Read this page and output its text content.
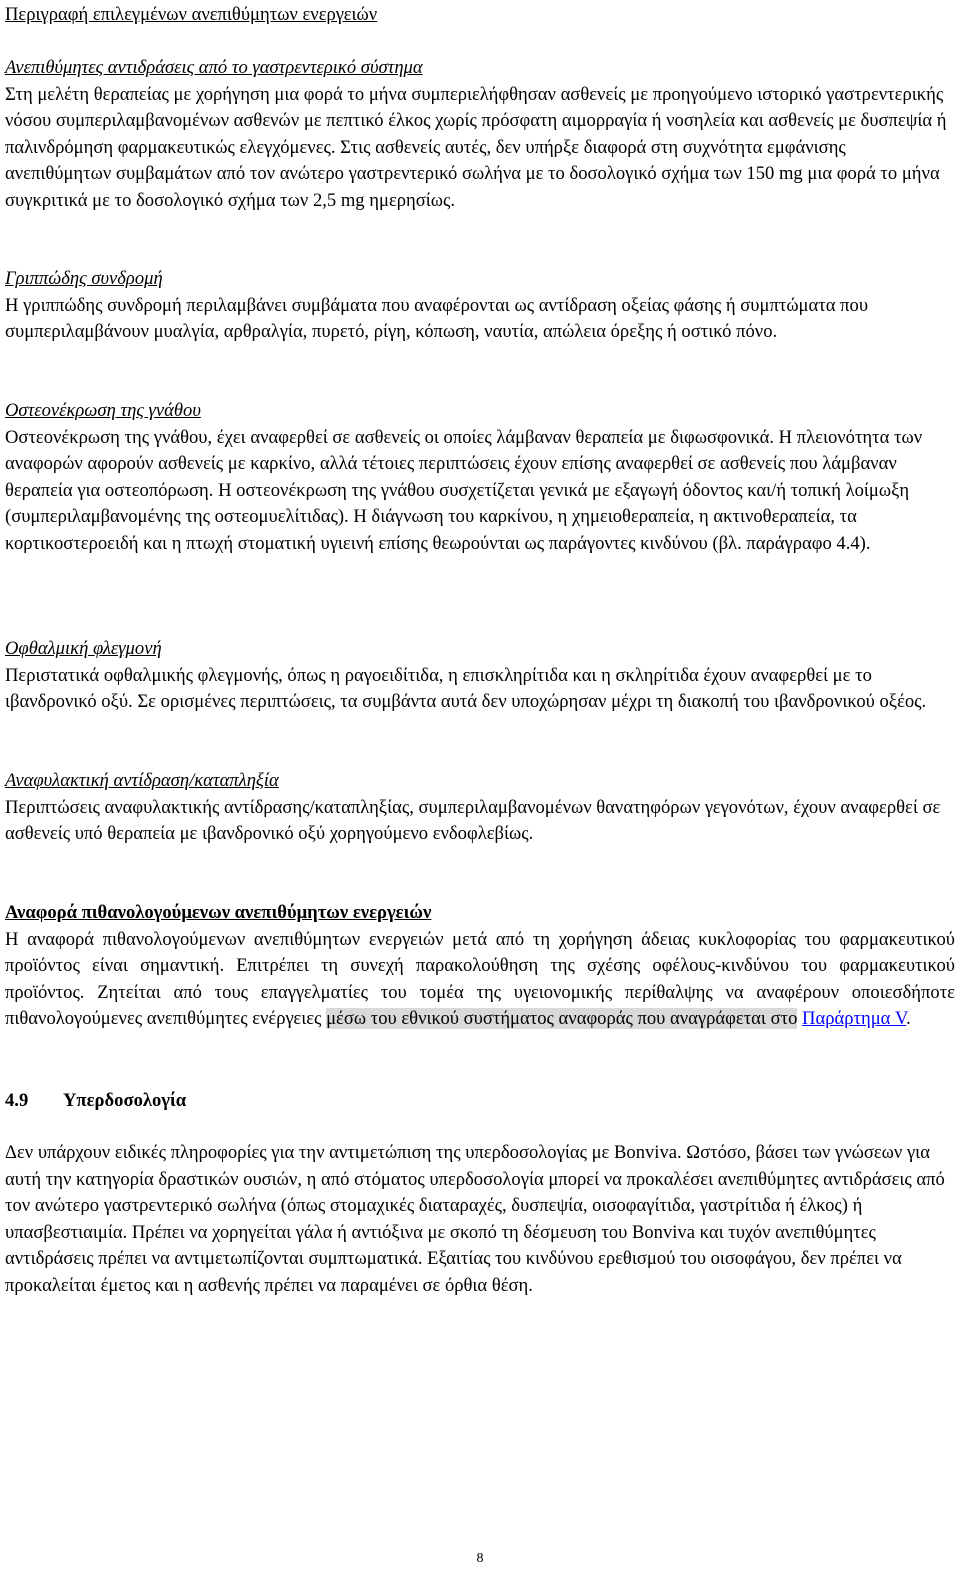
Περιγραφή επιλεγμένων ανεπιθύμητων ενεργειών

Ανεπιθύμητες αντιδράσεις από το γαστρεντερικό σύστημα
Στη μελέτη θεραπείας με χορήγηση μια φορά το μήνα συμπεριελήφθησαν ασθενείς με προηγούμενο ιστορικό γαστρεντερικής νόσου συμπεριλαμβανομένων ασθενών με πεπτικό έλκος χωρίς πρόσφατη αιμορραγία ή νοσηλεία και ασθενείς με δυσπεψία ή παλινδρόμηση φαρμακευτικώς ελεγχόμενες. Στις ασθενείς αυτές, δεν υπήρξε διαφορά στη συχνότητα εμφάνισης ανεπιθύμητων συμβαμάτων από τον ανώτερο γαστρεντερικό σωλήνα με το δοσολογικό σχήμα των 150 mg μια φορά το μήνα συγκριτικά με το δοσολογικό σχήμα των 2,5 mg ημερησίως.
Γριππώδης συνδρομή
Η γριππώδης συνδρομή περιλαμβάνει συμβάματα που αναφέρονται ως αντίδραση οξείας φάσης ή συμπτώματα που συμπεριλαμβάνουν μυαλγία, αρθραλγία, πυρετό, ρίγη, κόπωση, ναυτία, απώλεια όρεξης ή οστικό πόνο.
Οστεονέκρωση της γνάθου
Οστεονέκρωση της γνάθου, έχει αναφερθεί σε ασθενείς οι οποίες λάμβαναν θεραπεία με διφωσφονικά. Η πλειονότητα των αναφορών αφορούν ασθενείς με καρκίνο, αλλά τέτοιες περιπτώσεις έχουν επίσης αναφερθεί σε ασθενείς που λάμβαναν θεραπεία για οστεοπόρωση. Η οστεονέκρωση της γνάθου συσχετίζεται γενικά με εξαγωγή όδοντος και/ή τοπική λοίμωξη (συμπεριλαμβανομένης της οστεομυελίτιδας). Η διάγνωση του καρκίνου, η χημειοθεραπεία, η ακτινοθεραπεία, τα κορτικοστεροειδή και η πτωχή στοματική υγιεινή επίσης θεωρούνται ως παράγοντες κινδύνου (βλ. παράγραφο 4.4).
Οφθαλμική φλεγμονή
Περιστατικά οφθαλμικής φλεγμονής, όπως η ραγοειδίτιδα, η επισκληρίτιδα και η σκληρίτιδα έχουν αναφερθεί με το ιβανδρονικό οξύ. Σε ορισμένες περιπτώσεις, τα συμβάντα αυτά δεν υποχώρησαν μέχρι τη διακοπή του ιβανδρονικού οξέος.
Αναφυλακτική αντίδραση/καταπληξία
Περιπτώσεις αναφυλακτικής αντίδρασης/καταπληξίας, συμπεριλαμβανομένων θανατηφόρων γεγονότων, έχουν αναφερθεί σε ασθενείς υπό θεραπεία με ιβανδρονικό οξύ χορηγούμενο ενδοφλεβίως.
Αναφορά πιθανολογούμενων ανεπιθύμητων ενεργειών
Η αναφορά πιθανολογούμενων ανεπιθύμητων ενεργειών μετά από τη χορήγηση άδειας κυκλοφορίας του φαρμακευτικού προϊόντος είναι σημαντική. Επιτρέπει τη συνεχή παρακολούθηση της σχέσης οφέλους-κινδύνου του φαρμακευτικού προϊόντος. Ζητείται από τους επαγγελματίες του τομέα της υγειονομικής περίθαλψης να αναφέρουν οποιεσδήποτε πιθανολογούμενες ανεπιθύμητες ενέργειες μέσω του εθνικού συστήματος αναφοράς που αναγράφεται στο Παράρτημα V.
4.9 Υπερδοσολογία

Δεν υπάρχουν ειδικές πληροφορίες για την αντιμετώπιση της υπερδοσολογίας με Bonviva. Ωστόσο, βάσει των γνώσεων για αυτή την κατηγορία δραστικών ουσιών, η από στόματος υπερδοσολογία μπορεί να προκαλέσει ανεπιθύμητες αντιδράσεις από τον ανώτερο γαστρεντερικό σωλήνα (όπως στομαχικές διαταραχές, δυσπεψία, οισοφαγίτιδα, γαστρίτιδα ή έλκος) ή υπασβεστιαιμία. Πρέπει να χορηγείται γάλα ή αντιόξινα με σκοπό τη δέσμευση του Bonviva και τυχόν ανεπιθύμητες αντιδράσεις πρέπει να αντιμετωπίζονται συμπτωματικά. Εξαιτίας του κινδύνου ερεθισμού του οισοφάγου, δεν πρέπει να προκαλείται έμετος και η ασθενής πρέπει να παραμένει σε όρθια θέση.

8
